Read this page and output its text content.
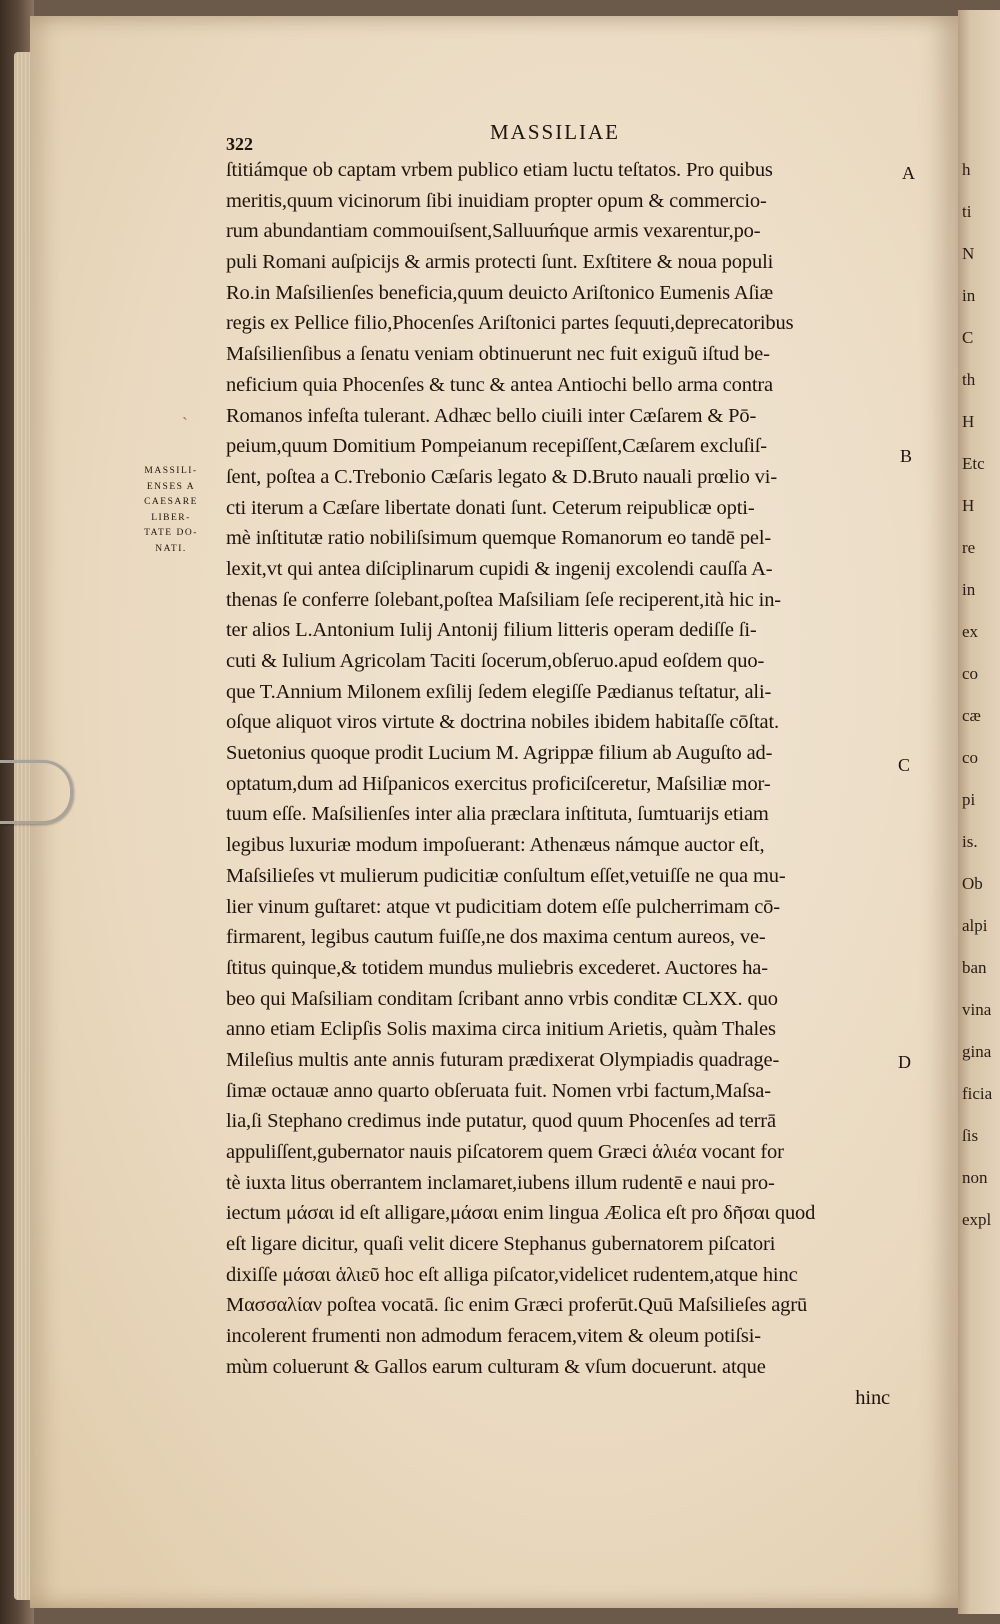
h
ti
N
in
C
th
H
Etc
H
re
in
ex
co
cæ
co
pi
is.
Ob
alpi
ban
vina
gina
ficia
ſis
non
expl
MASSILIAE
322
MASSILI-
ENSES A
CAESARE
LIBER-
TATE DO-
NATI.
ˏ
ſtitiámque ob captam vrbem publico etiam luctu teſtatos. Pro quibus
meritis,quum vicinorum ſibi inuidiam propter opum & commercio-
rum abundantiam commouiſsent,Salluuḿque armis vexarentur,po-
puli Romani auſpicijs & armis protecti ſunt. Exſtitere & noua populi
Ro.in Maſsilienſes beneficia,quum deuicto Ariſtonico Eumenis Aſiæ
regis ex Pellice filio,Phocenſes Ariſtonici partes ſequuti,deprecatoribus
Maſsilienſibus a ſenatu veniam obtinuerunt nec fuit exiguũ iſtud be-
neficium quia Phocenſes & tunc & antea Antiochi bello arma contra
Romanos infeſta tulerant. Adhæc bello ciuili inter Cæſarem & Pō-
peium,quum Domitium Pompeianum recepiſſent,Cæſarem excluſiſ-
ſent, poſtea a C.Trebonio Cæſaris legato & D.Bruto nauali prœlio vi-
cti iterum a Cæſare libertate donati ſunt. Ceterum reipublicæ opti-
mè inſtitutæ ratio nobiliſsimum quemque Romanorum eo tandē pel-
lexit,vt qui antea diſciplinarum cupidi & ingenij excolendi cauſſa A-
thenas ſe conferre ſolebant,poſtea Maſsiliam ſeſe reciperent,ità hic in-
ter alios L.Antonium Iulij Antonij filium litteris operam dediſſe ſi-
cuti & Iulium Agricolam Taciti ſocerum,obſeruo.apud eoſdem quo-
que T.Annium Milonem exſilij ſedem elegiſſe Pædianus teſtatur, ali-
oſque aliquot viros virtute & doctrina nobiles ibidem habitaſſe cōſtat.
Suetonius quoque prodit Lucium M. Agrippæ filium ab Auguſto ad-
optatum,dum ad Hiſpanicos exercitus proficiſceretur, Maſsiliæ mor-
tuum eſſe. Maſsilienſes inter alia præclara inſtituta, ſumtuarijs etiam
legibus luxuriæ modum impoſuerant: Athenæus námque auctor eſt,
Maſsilieſes vt mulierum pudicitiæ conſultum eſſet,vetuiſſe ne qua mu-
lier vinum guſtaret: atque vt pudicitiam dotem eſſe pulcherrimam cō-
firmarent, legibus cautum fuiſſe,ne dos maxima centum aureos, ve-
ſtitus quinque,& totidem mundus muliebris excederet. Auctores ha-
beo qui Maſsiliam conditam ſcribant anno vrbis conditæ CLXX. quo
anno etiam Eclipſis Solis maxima circa initium Arietis, quàm Thales
Mileſius multis ante annis futuram prædixerat Olympiadis quadrage-
ſimæ octauæ anno quarto obſeruata fuit. Nomen vrbi factum,Maſsa-
lia,ſi Stephano credimus inde putatur, quod quum Phocenſes ad terrā
appuliſſent,gubernator nauis piſcatorem quem Græci ἁλιέα vocant for
tè iuxta litus oberrantem inclamaret,iubens illum rudentē e naui pro-
iectum μάσαι id eſt alligare,μάσαι enim lingua Æolica eſt pro δῆσαι quod
eſt ligare dicitur, quaſi velit dicere Stephanus gubernatorem piſcatori
dixiſſe μάσαι ἁλιεῦ hoc eſt alliga piſcator,videlicet rudentem,atque hinc
Μασσαλίαν poſtea vocatā. ſic enim Græci proferūt.Quū Maſsilieſes agrū
incolerent frumenti non admodum feracem,vitem & oleum potiſsi-
mùm coluerunt & Gallos earum culturam & vſum docuerunt. atque
hinc
A
B
C
D
